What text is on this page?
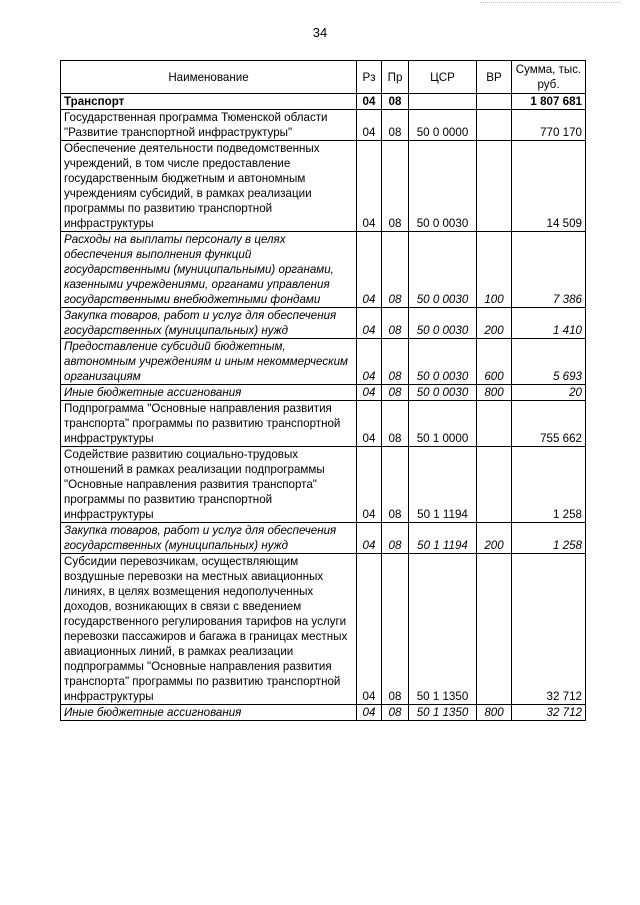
34
Наименование	Рз	Пр	ЦСР	ВР	Сумма, тыс. руб.
Транспорт	04	08			1 807 681
Государственная программа Тюменской области "Развитие транспортной инфраструктуры"	04	08	50 0 0000		770 170
Обеспечение деятельности подведомственных учреждений, в том числе предоставление государственным бюджетным и автономным учреждениям субсидий, в рамках реализации программы по развитию транспортной инфраструктуры	04	08	50 0 0030		14 509
Расходы на выплаты персоналу в целях обеспечения выполнения функций государственными (муниципальными) органами, казенными учреждениями, органами управления государственными внебюджетными фондами	04	08	50 0 0030	100	7 386
Закупка товаров, работ и услуг для обеспечения государственных (муниципальных) нужд	04	08	50 0 0030	200	1 410
Предоставление субсидий бюджетным, автономным учреждениям и иным некоммерческим организациям	04	08	50 0 0030	600	5 693
Иные бюджетные ассигнования	04	08	50 0 0030	800	20
Подпрограмма "Основные направления развития транспорта" программы по развитию транспортной инфраструктуры	04	08	50 1 0000		755 662
Содействие развитию социально-трудовых отношений в рамках реализации подпрограммы "Основные направления развития транспорта" программы по развитию транспортной инфраструктуры	04	08	50 1 1194		1 258
Закупка товаров, работ и услуг для обеспечения государственных (муниципальных) нужд	04	08	50 1 1194	200	1 258
Субсидии перевозчикам, осуществляющим воздушные перевозки на местных авиационных линиях, в целях возмещения недополученных доходов, возникающих в связи с введением государственного регулирования тарифов на услуги перевозки пассажиров и багажа в границах местных авиационных линий, в рамках реализации подпрограммы "Основные направления развития транспорта" программы по развитию транспортной инфраструктуры	04	08	50 1 1350		32 712
Иные бюджетные ассигнования	04	08	50 1 1350	800	32 712
